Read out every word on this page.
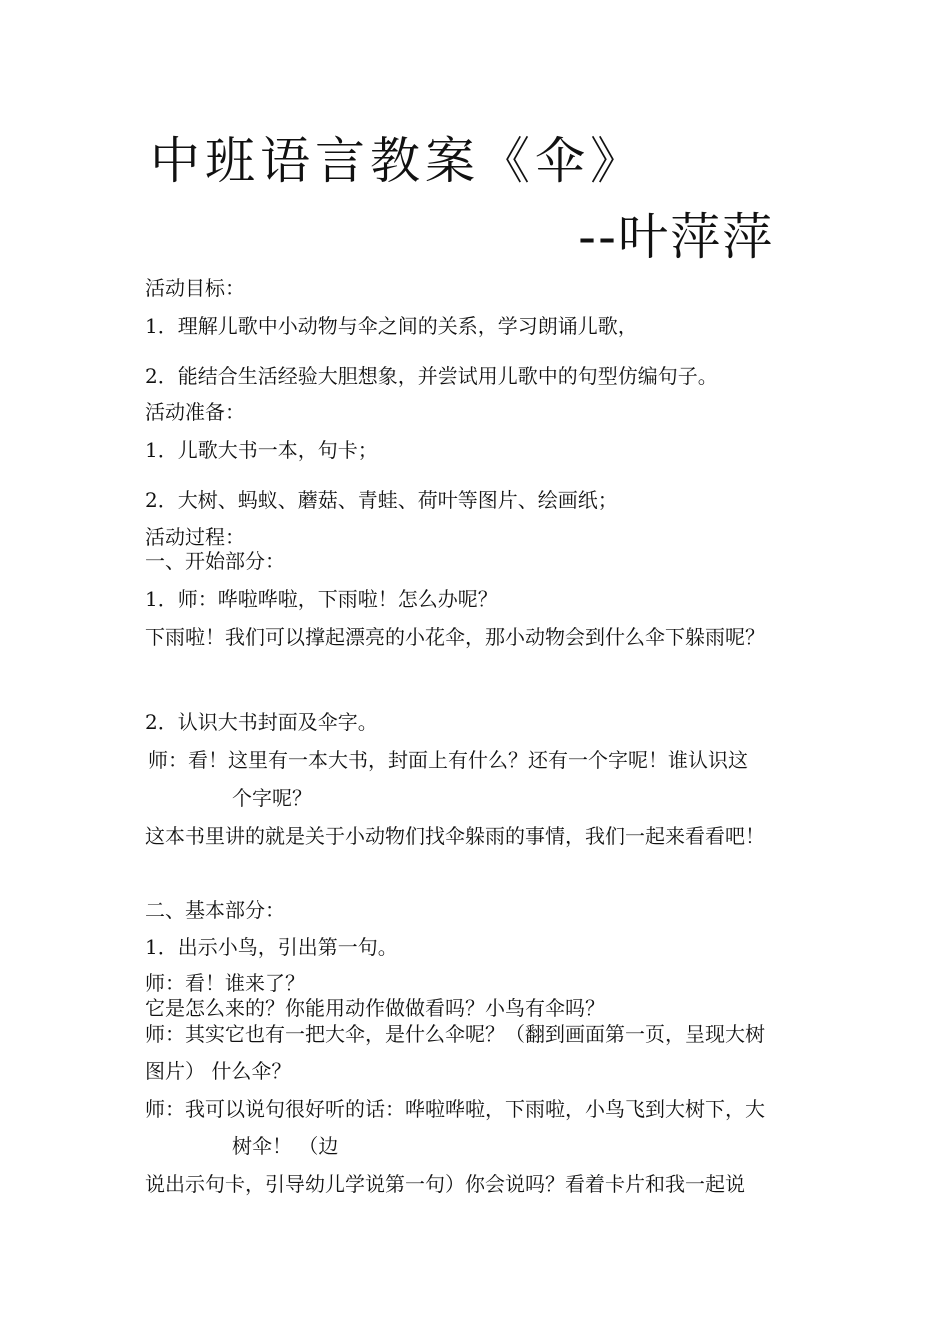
中班语言教案《伞》
--叶萍萍
活动目标：
1．理解儿歌中小动物与伞之间的关系，学习朗诵儿歌，
2．能结合生活经验大胆想象，并尝试用儿歌中的句型仿编句子。
活动准备：
1．儿歌大书一本，句卡；
2．大树、蚂蚁、蘑菇、青蛙、荷叶等图片、绘画纸；
活动过程：
一、开始部分：
1．师：哗啦哗啦，下雨啦！怎么办呢？
下雨啦！我们可以撑起漂亮的小花伞，那小动物会到什么伞下躲雨呢？
2．认识大书封面及伞字。
师：看！这里有一本大书，封面上有什么？还有一个字呢！谁认识这
个字呢？
这本书里讲的就是关于小动物们找伞躲雨的事情，我们一起来看看吧！
二、基本部分：
1．出示小鸟，引出第一句。
师：看！谁来了？
它是怎么来的？你能用动作做做看吗？小鸟有伞吗？
师：其实它也有一把大伞，是什么伞呢？（翻到画面第一页，呈现大树
图片） 什么伞？
师：我可以说句很好听的话：哗啦哗啦，下雨啦，小鸟飞到大树下，大
树伞！ （边
说出示句卡，引导幼儿学说第一句）你会说吗？看着卡片和我一起说
